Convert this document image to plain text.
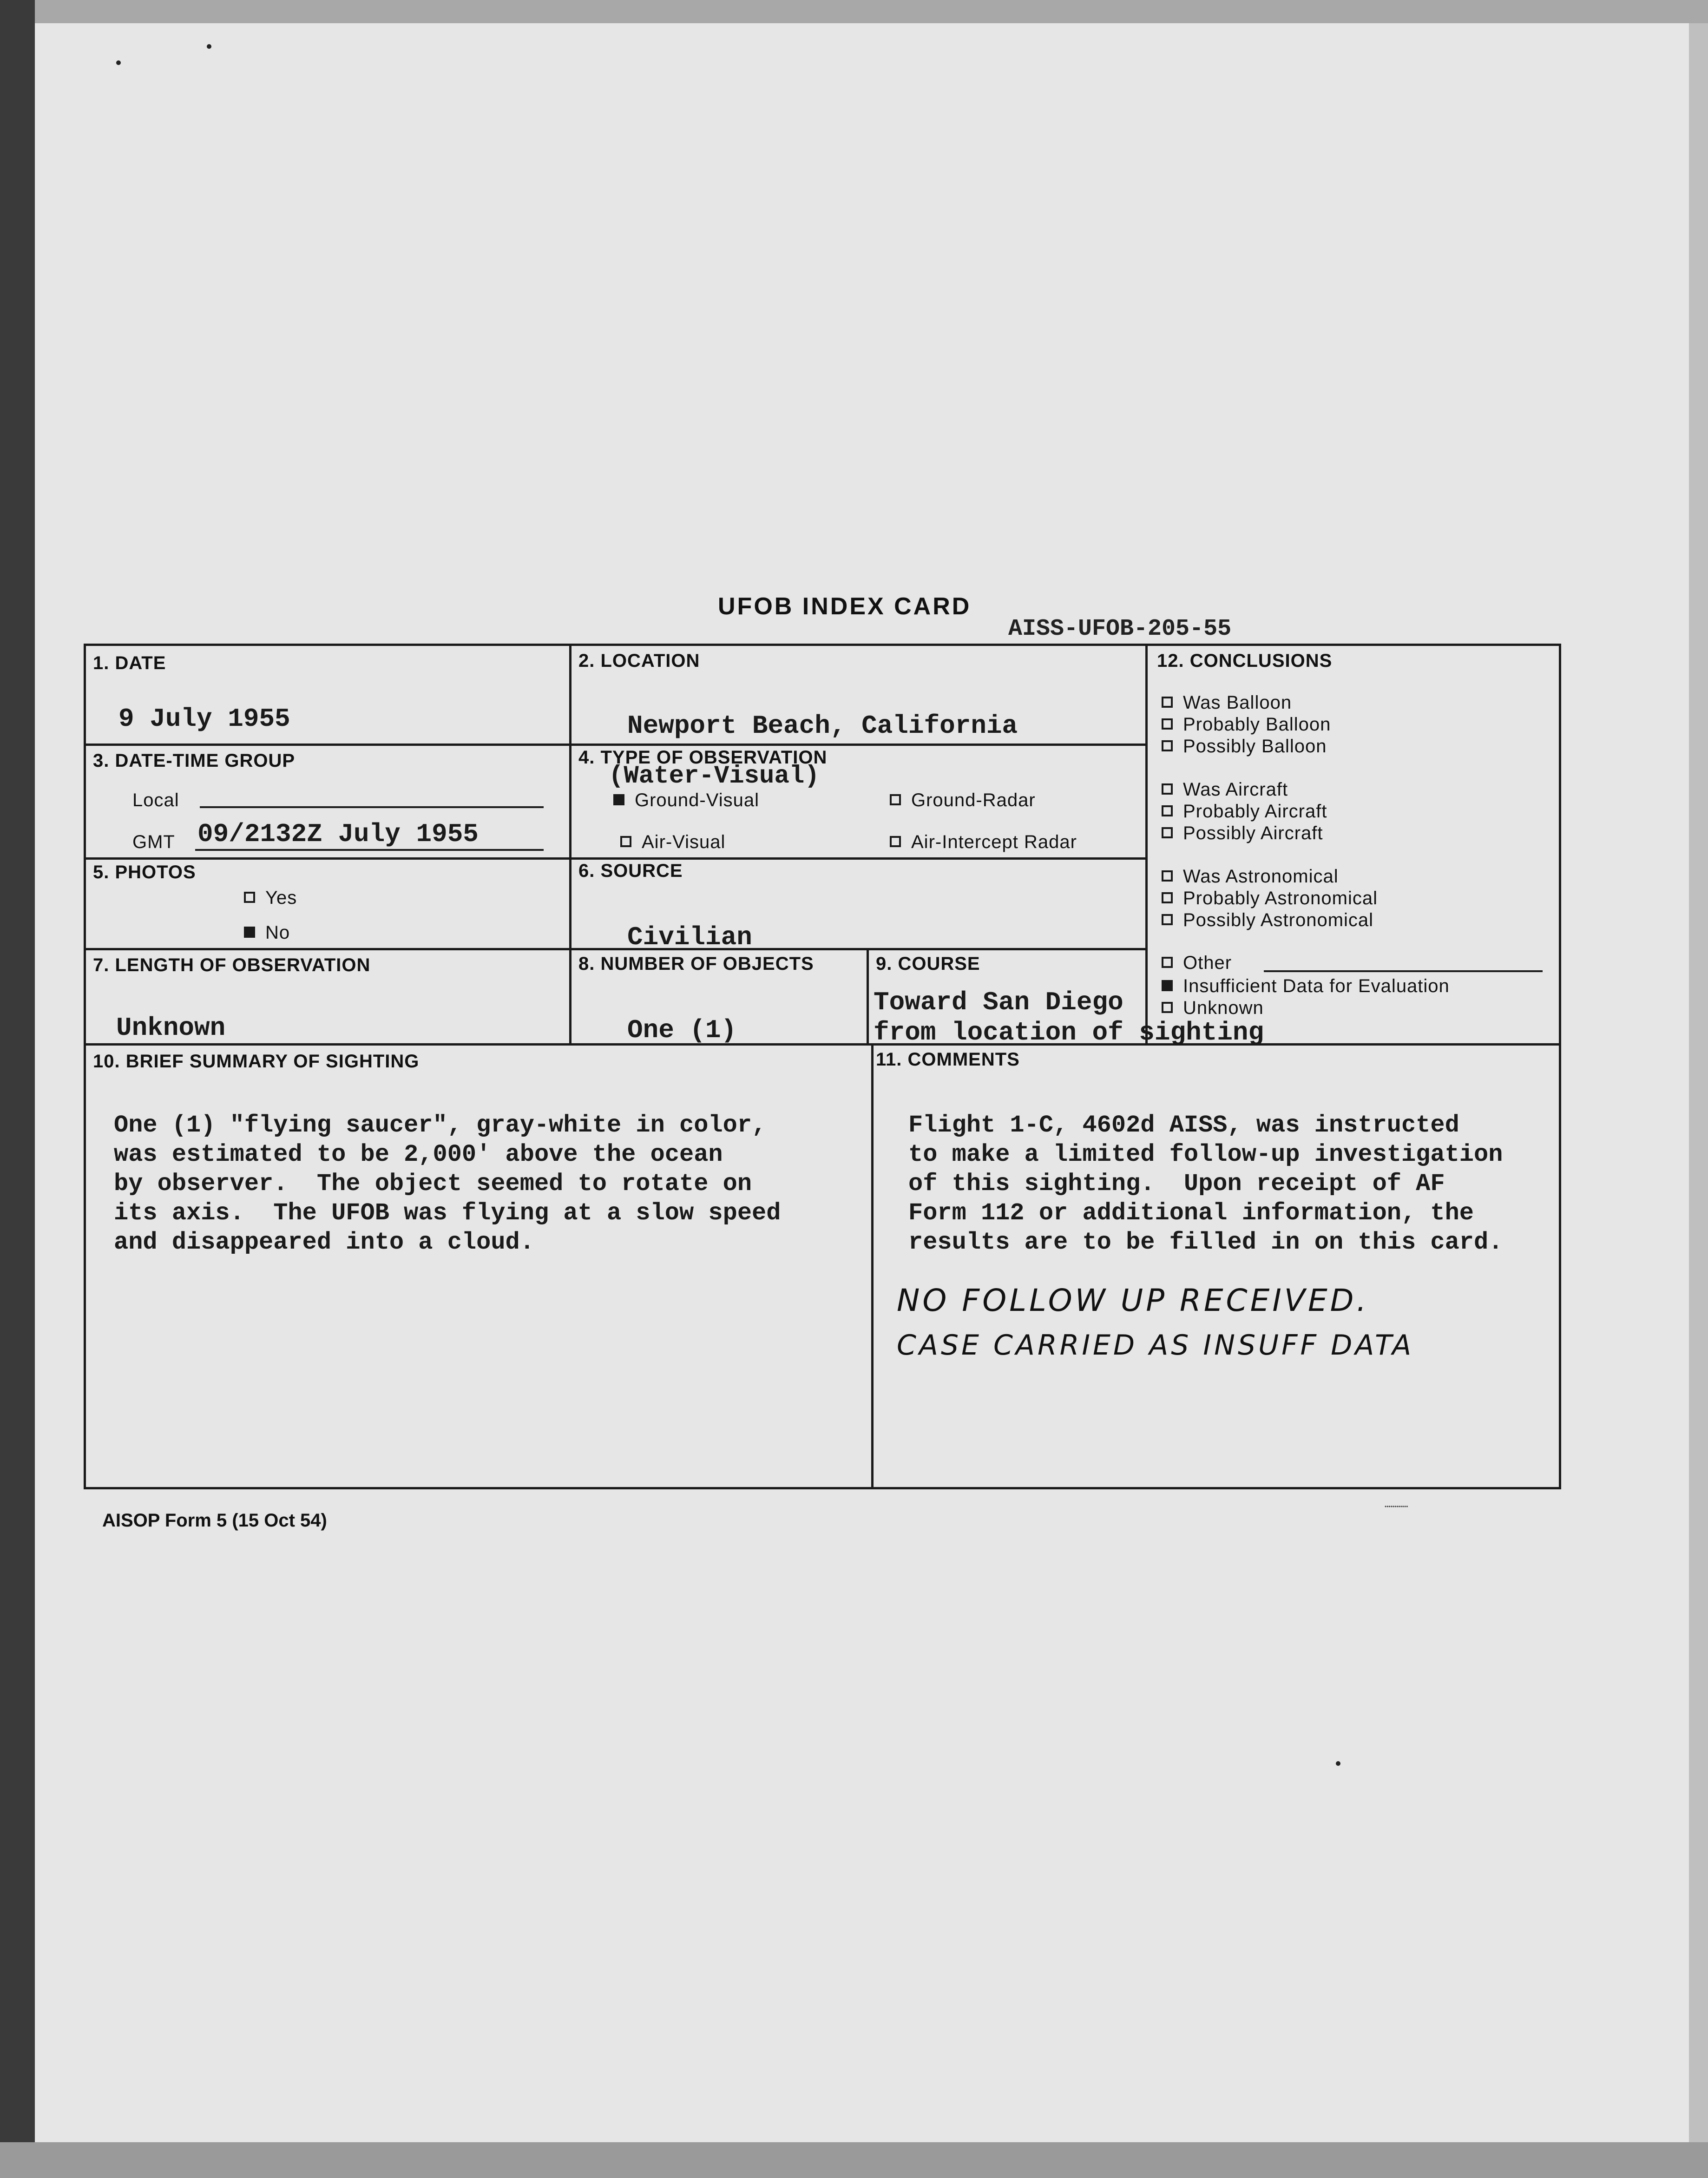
UFOB INDEX CARD
AISS-UFOB-205-55
1. DATE
9 July 1955
2. LOCATION
Newport Beach, California
3. DATE-TIME GROUP
Local
GMT 09/2132Z July 1955
4. TYPE OF OBSERVATION
(Water-Visual)
Ground-Visual	Ground-Radar
Air-Visual	Air-Intercept Radar
5. PHOTOS
Yes
No
6. SOURCE
Civilian
7. LENGTH OF OBSERVATION
Unknown
8. NUMBER OF OBJECTS
One (1)
9. COURSE
Toward San Diego
from location of sighting
10. BRIEF SUMMARY OF SIGHTING
One (1) "flying saucer", gray-white in color,
was estimated to be 2,000' above the ocean
by observer.  The object seemed to rotate on
its axis.  The UFOB was flying at a slow speed
and disappeared into a cloud.
11. COMMENTS
Flight 1-C, 4602d AISS, was instructed
to make a limited follow-up investigation
of this sighting.  Upon receipt of AF
Form 112 or additional information, the
results are to be filled in on this card.
NO FOLLOW UP RECEIVED.
CASE CARRIED AS INSUFF DATA
12. CONCLUSIONS
Was Balloon
Probably Balloon
Possibly Balloon
Was Aircraft
Probably Aircraft
Possibly Aircraft
Was Astronomical
Probably Astronomical
Possibly Astronomical
Other
Insufficient Data for Evaluation
Unknown
AISOP Form 5 (15 Oct 54)
••••••••••••
